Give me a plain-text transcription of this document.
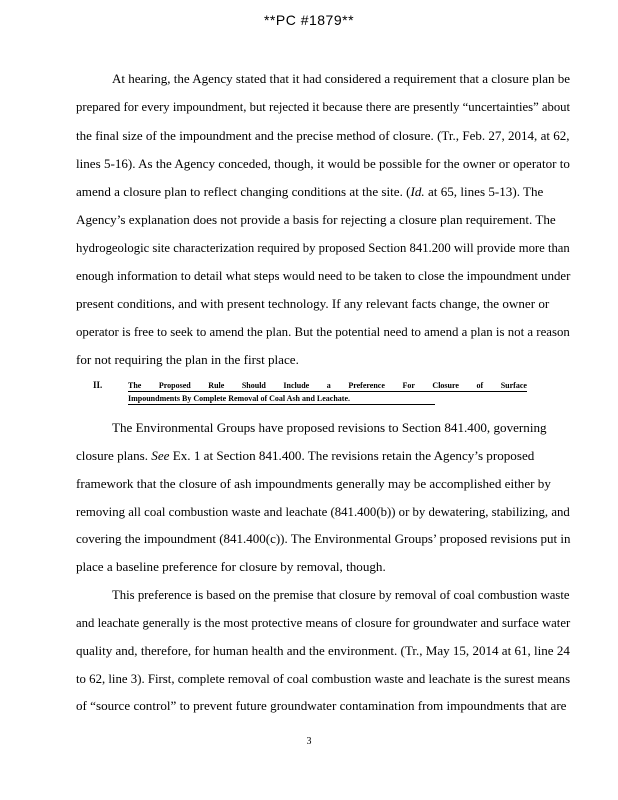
**PC #1879**
At hearing, the Agency stated that it had considered a requirement that a closure plan be
prepared for every impoundment, but rejected it because there are presently “uncertainties” about
the final size of the impoundment and the precise method of closure. (Tr., Feb. 27, 2014, at 62,
lines 5-16). As the Agency conceded, though, it would be possible for the owner or operator to
amend a closure plan to reflect changing conditions at the site. (Id. at 65, lines 5-13). The
Agency’s explanation does not provide a basis for rejecting a closure plan requirement. The
hydrogeologic site characterization required by proposed Section 841.200 will provide more than
enough information to detail what steps would need to be taken to close the impoundment under
present conditions, and with present technology. If any relevant facts change, the owner or
operator is free to seek to amend the plan. But the potential need to amend a plan is not a reason
for not requiring the plan in the first place.
II.	The Proposed Rule Should Include a Preference For Closure of Surface
Impoundments By Complete Removal of Coal Ash and Leachate.
The Environmental Groups have proposed revisions to Section 841.400, governing
closure plans. See Ex. 1 at Section 841.400. The revisions retain the Agency’s proposed
framework that the closure of ash impoundments generally may be accomplished either by
removing all coal combustion waste and leachate (841.400(b)) or by dewatering, stabilizing, and
covering the impoundment (841.400(c)). The Environmental Groups’ proposed revisions put in
place a baseline preference for closure by removal, though.
This preference is based on the premise that closure by removal of coal combustion waste
and leachate generally is the most protective means of closure for groundwater and surface water
quality and, therefore, for human health and the environment. (Tr., May 15, 2014 at 61, line 24
to 62, line 3). First, complete removal of coal combustion waste and leachate is the surest means
of “source control” to prevent future groundwater contamination from impoundments that are
3
